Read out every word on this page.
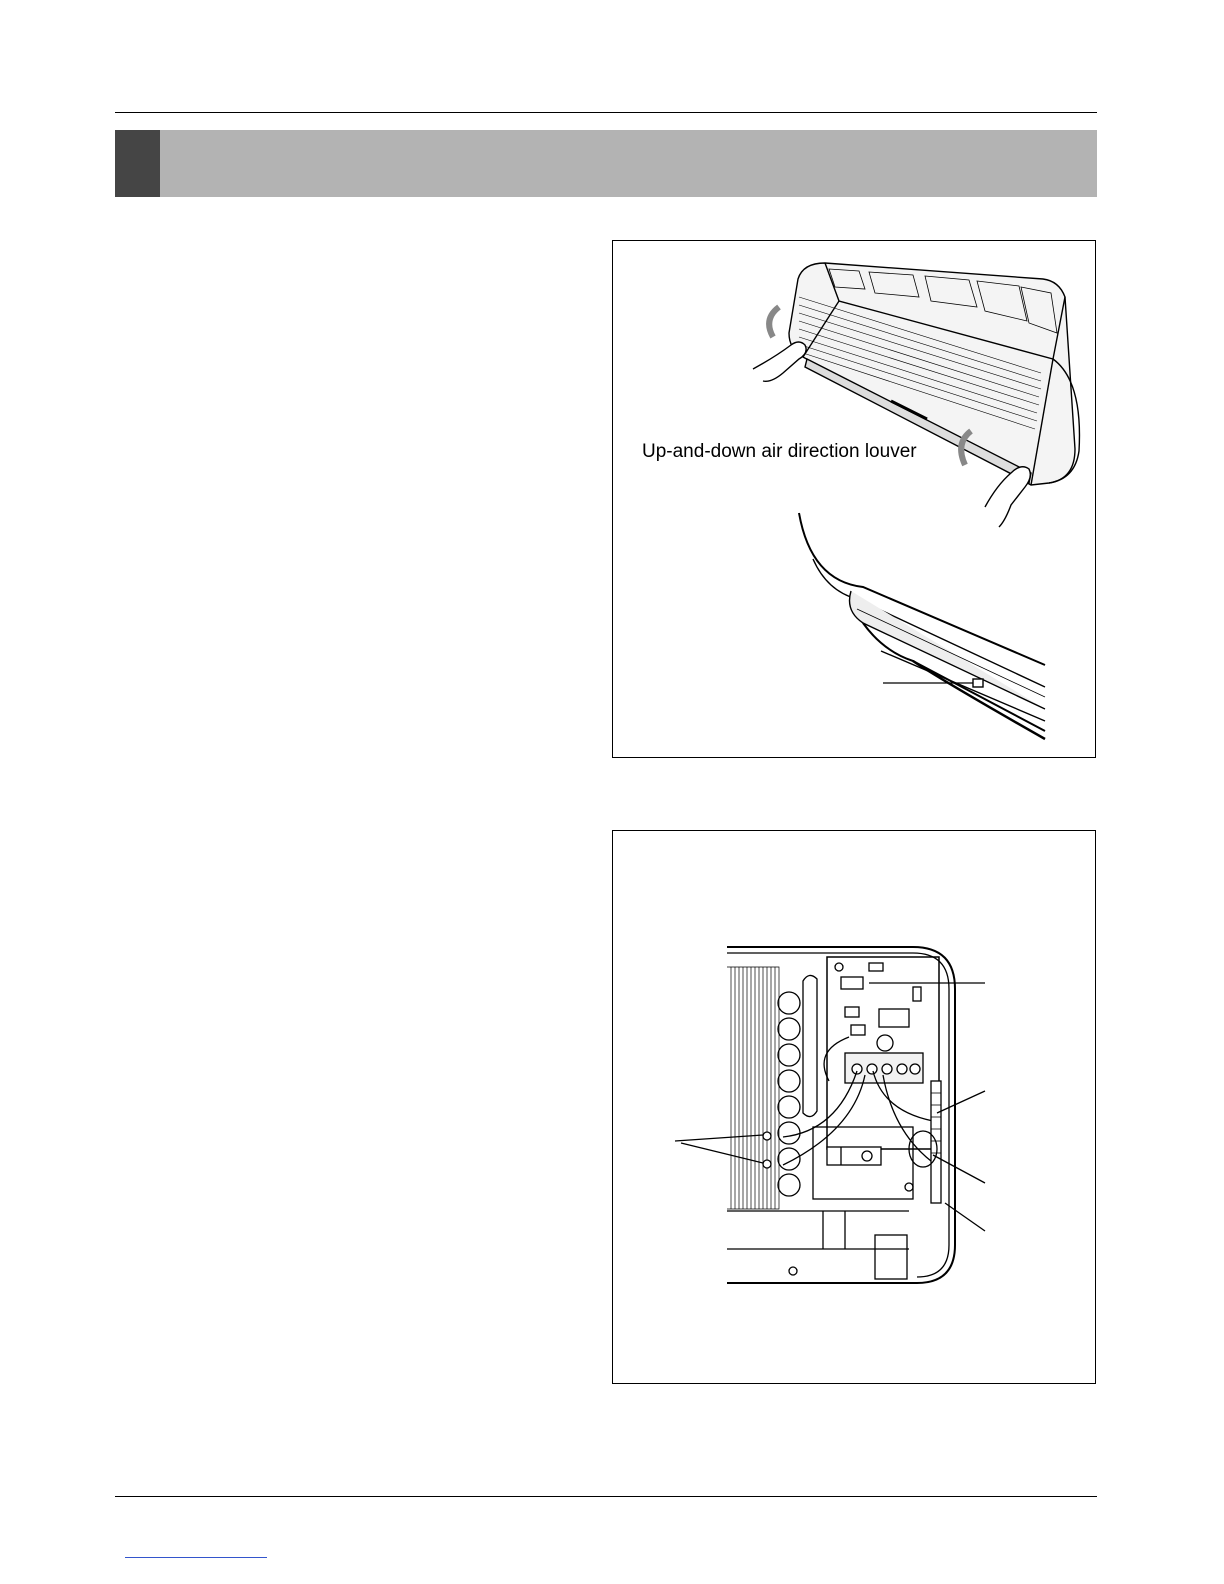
Up-and-down air direction louver
